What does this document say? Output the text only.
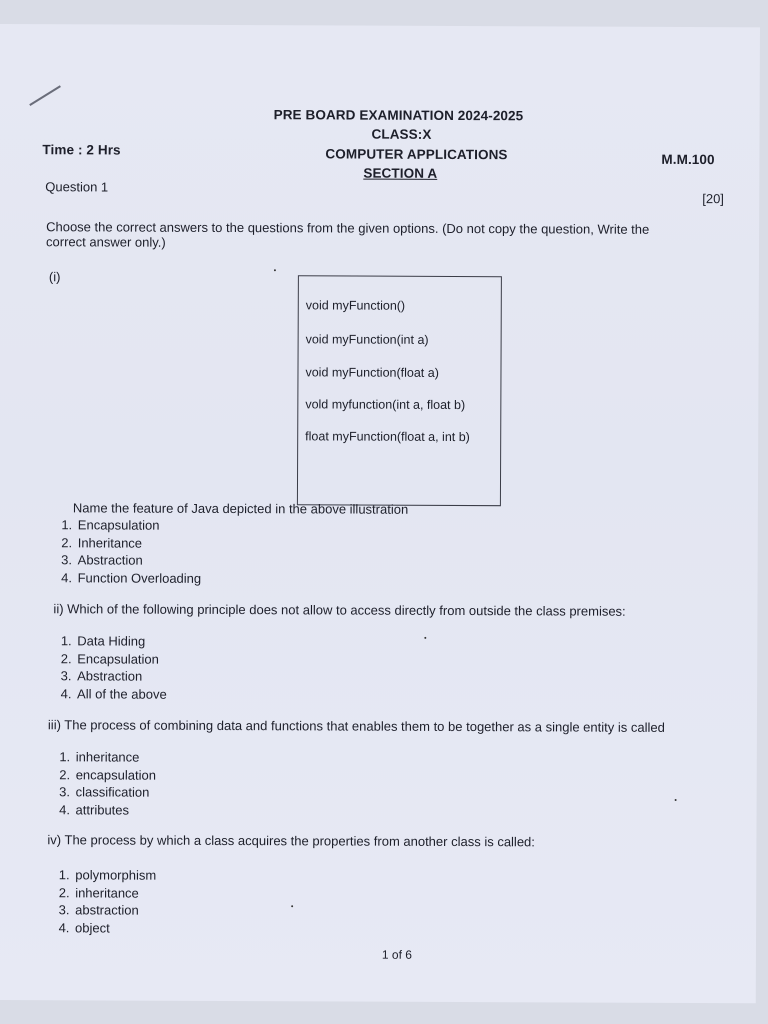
PRE BOARD EXAMINATION 2024-2025
CLASS:X
Time : 2 Hrs	COMPUTER APPLICATIONS	M.M.100
SECTION A
Question 1
[20]
Choose the correct answers to the questions from the given options. (Do not copy the question, Write the
correct answer only.)
(i)
void myFunction()
void myFunction(int a)
void myFunction(float a)
vold myfunction(int a, float b)
float myFunction(float a, int b)
Name the feature of Java depicted in the above illustration
1. Encapsulation
2. Inheritance
3. Abstraction
4. Function Overloading
ii) Which of the following principle does not allow to access directly from outside the class premises:
1. Data Hiding
2. Encapsulation
3. Abstraction
4. All of the above
iii) The process of combining data and functions that enables them to be together as a single entity is called
1. inheritance
2. encapsulation
3. classification
4. attributes
iv) The process by which a class acquires the properties from another class is called:
1. polymorphism
2. inheritance
3. abstraction
4. object
1 of 6
